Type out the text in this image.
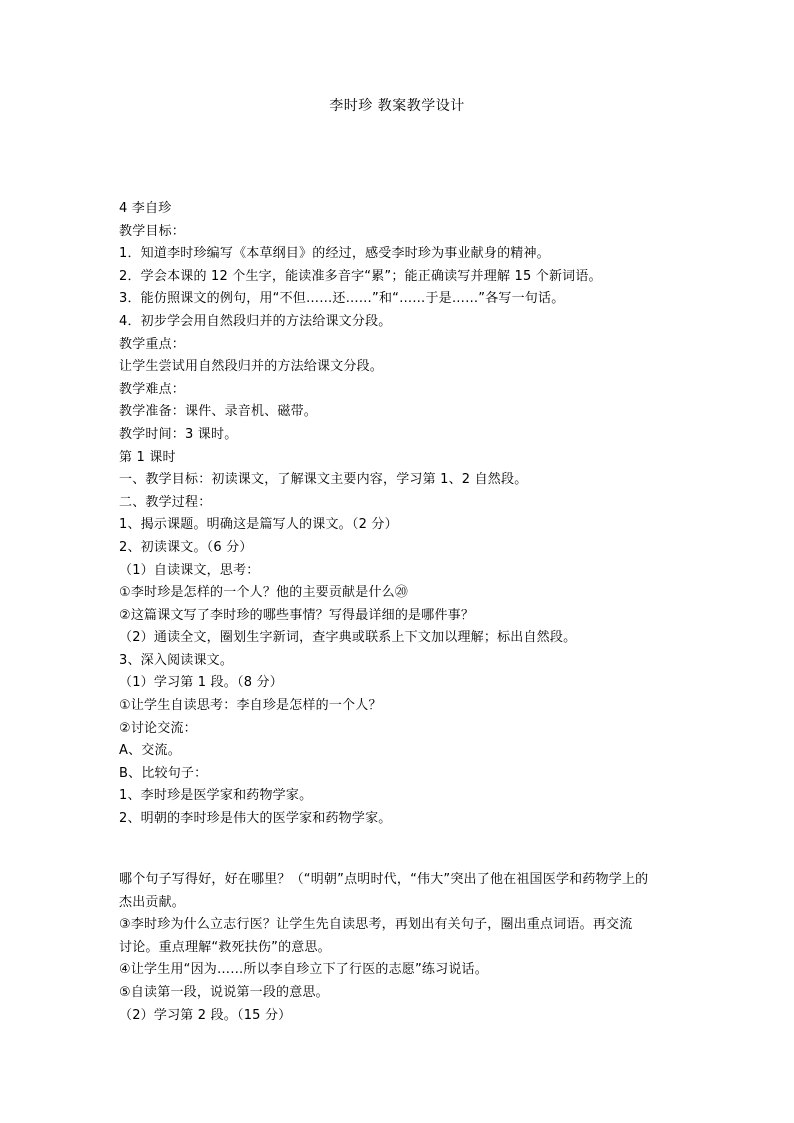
李时珍 教案教学设计
4 李自珍
教学目标：
1．知道李时珍编写《本草纲目》的经过，感受李时珍为事业献身的精神。
2．学会本课的 12 个生字，能读准多音字“累”；能正确读写并理解 15 个新词语。
3．能仿照课文的例句，用“不但……还……”和“……于是……”各写一句话。
4．初步学会用自然段归并的方法给课文分段。
教学重点：
让学生尝试用自然段归并的方法给课文分段。
教学难点：
教学准备：课件、录音机、磁带。
教学时间：3 课时。
第 1 课时
一、教学目标：初读课文，了解课文主要内容，学习第 1、2 自然段。
二、教学过程：
1、揭示课题。明确这是篇写人的课文。（2 分）
2、初读课文。（6 分）
（1）自读课文，思考：
①李时珍是怎样的一个人？他的主要贡献是什么⑳
②这篇课文写了李时珍的哪些事情？写得最详细的是哪件事？
（2）通读全文，圈划生字新词，查字典或联系上下文加以理解；标出自然段。
3、深入阅读课文。
（1）学习第 1 段。（8 分）
①让学生自读思考：李自珍是怎样的一个人？
②讨论交流：
A、交流。
B、比较句子：
1、李时珍是医学家和药物学家。
2、明朝的李时珍是伟大的医学家和药物学家。
哪个句子写得好，好在哪里？（“明朝”点明时代，“伟大”突出了他在祖国医学和药物学上的
杰出贡献。
③李时珍为什么立志行医？让学生先自读思考，再划出有关句子，圈出重点词语。再交流
讨论。重点理解“救死扶伤”的意思。
④让学生用“因为……所以李自珍立下了行医的志愿”练习说话。
⑤自读第一段，说说第一段的意思。
（2）学习第 2 段。（15 分）
